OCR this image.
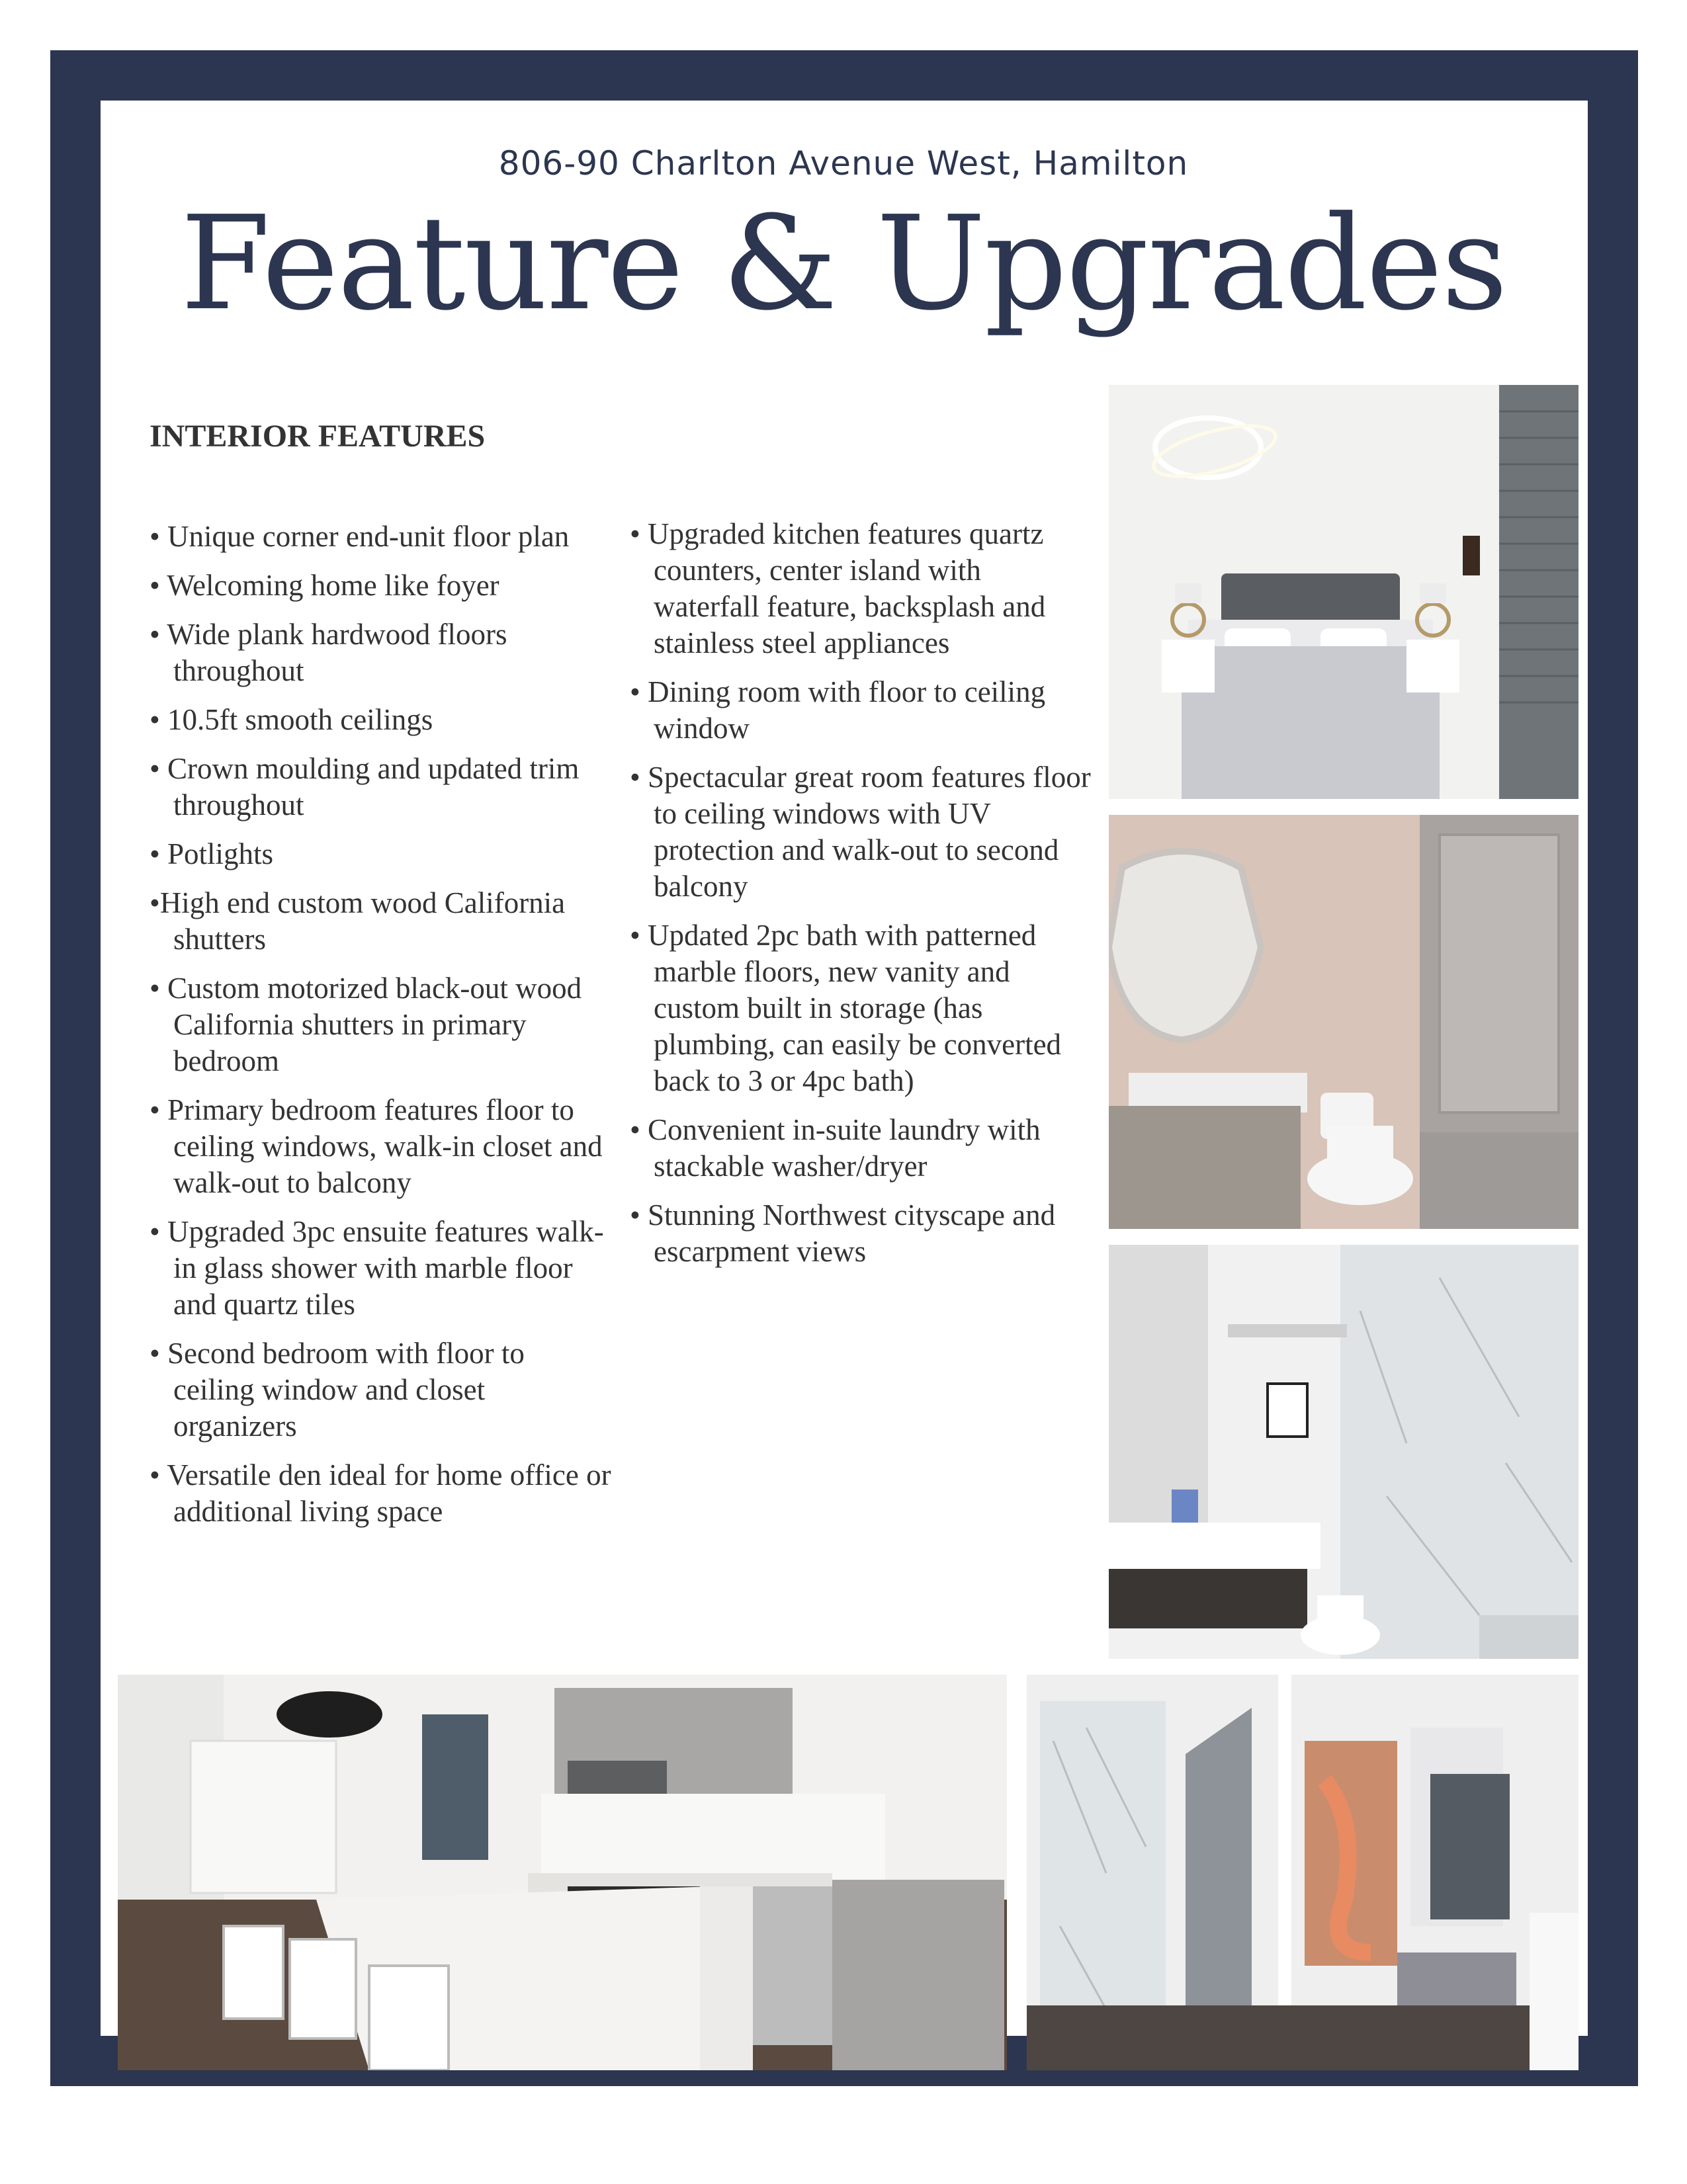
806-90 Charlton Avenue West, Hamilton
Feature & Upgrades
INTERIOR FEATURES
• Unique corner end-unit floor plan
• Welcoming home like foyer
• Wide plank hardwood floors throughout
• 10.5ft smooth ceilings
• Crown moulding and updated trim throughout
• Potlights
•High end custom wood California shutters
• Custom motorized black-out wood California shutters in primary bedroom
• Primary bedroom features floor to ceiling windows, walk-in closet and walk-out to balcony
• Upgraded 3pc ensuite features walk-in glass shower with marble floor and quartz tiles
• Second bedroom with floor to ceiling window and closet organizers
• Versatile den ideal for home office or additional living space
• Upgraded kitchen features quartz counters, center island with waterfall feature, backsplash and stainless steel appliances
• Dining room with floor to ceiling window
• Spectacular great room features floor to ceiling windows with UV protection and walk-out to second balcony
• Updated 2pc bath with patterned marble floors, new vanity and custom built in storage (has plumbing, can easily be converted back to 3 or 4pc bath)
• Convenient in-suite laundry with stackable washer/dryer
• Stunning Northwest cityscape and escarpment views
RE/MAX ESCARPMENT GOLFI REALTY INC., Brokerage
